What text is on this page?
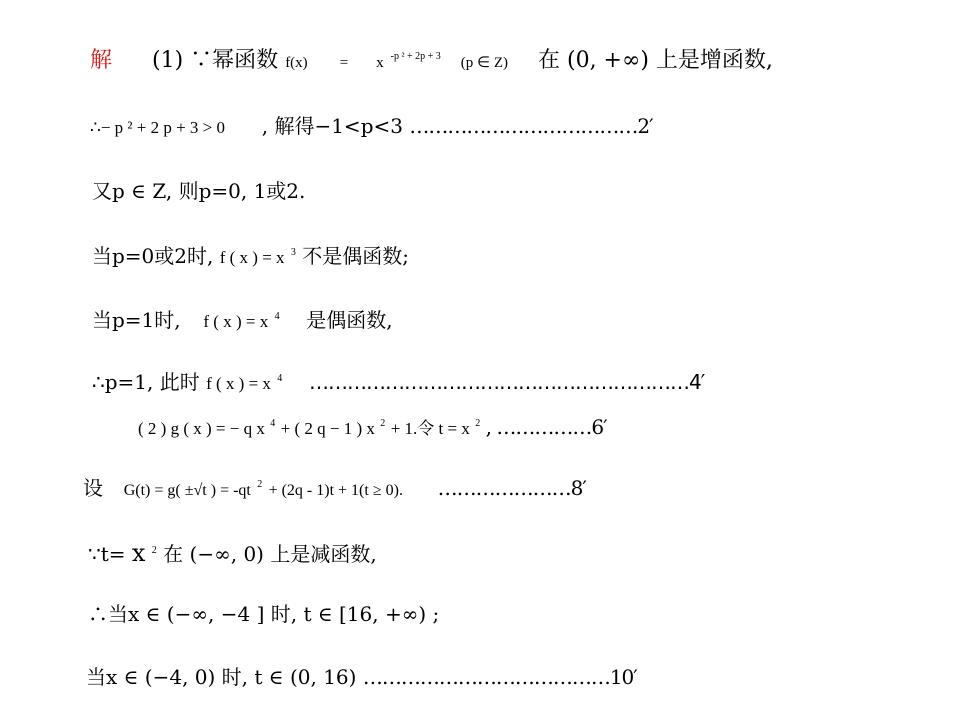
解 (1) ∵幂函数 f(x) = x $^{-p ^2 + 2p + 3}$ (p ∈ Z) 在 (0, +∞) 上是增函数,
∴− p ² + 2 p + 3 > 0 , 解得−1<p<3 ………………………………2′
又p ∈ Z, 则p=0, 1或2.
当p=0或2时, f ( x ) = x $^3$ 不是偶函数;
当p=1时, f ( x ) = x $^4$ 是偶函数,
∴p=1, 此时 f ( x ) = x $^4$ ……………………………………………………4′
( 2 ) g ( x ) = − q x $^4$ + ( 2 q − 1 ) x $^2$ + 1.令 t = x $^2$ , ……………6′
设 G(t) = g( ±√t ) = -qt $^2$ + (2q - 1)t + 1(t ≥ 0). …………………8′
∵t= x $^2$ 在 (−∞, 0) 上是减函数,
∴当x ∈ (−∞, −4 ] 时, t ∈ [16, +∞) ;
当x ∈ (−4, 0) 时, t ∈ (0, 16) …………………………………10′
